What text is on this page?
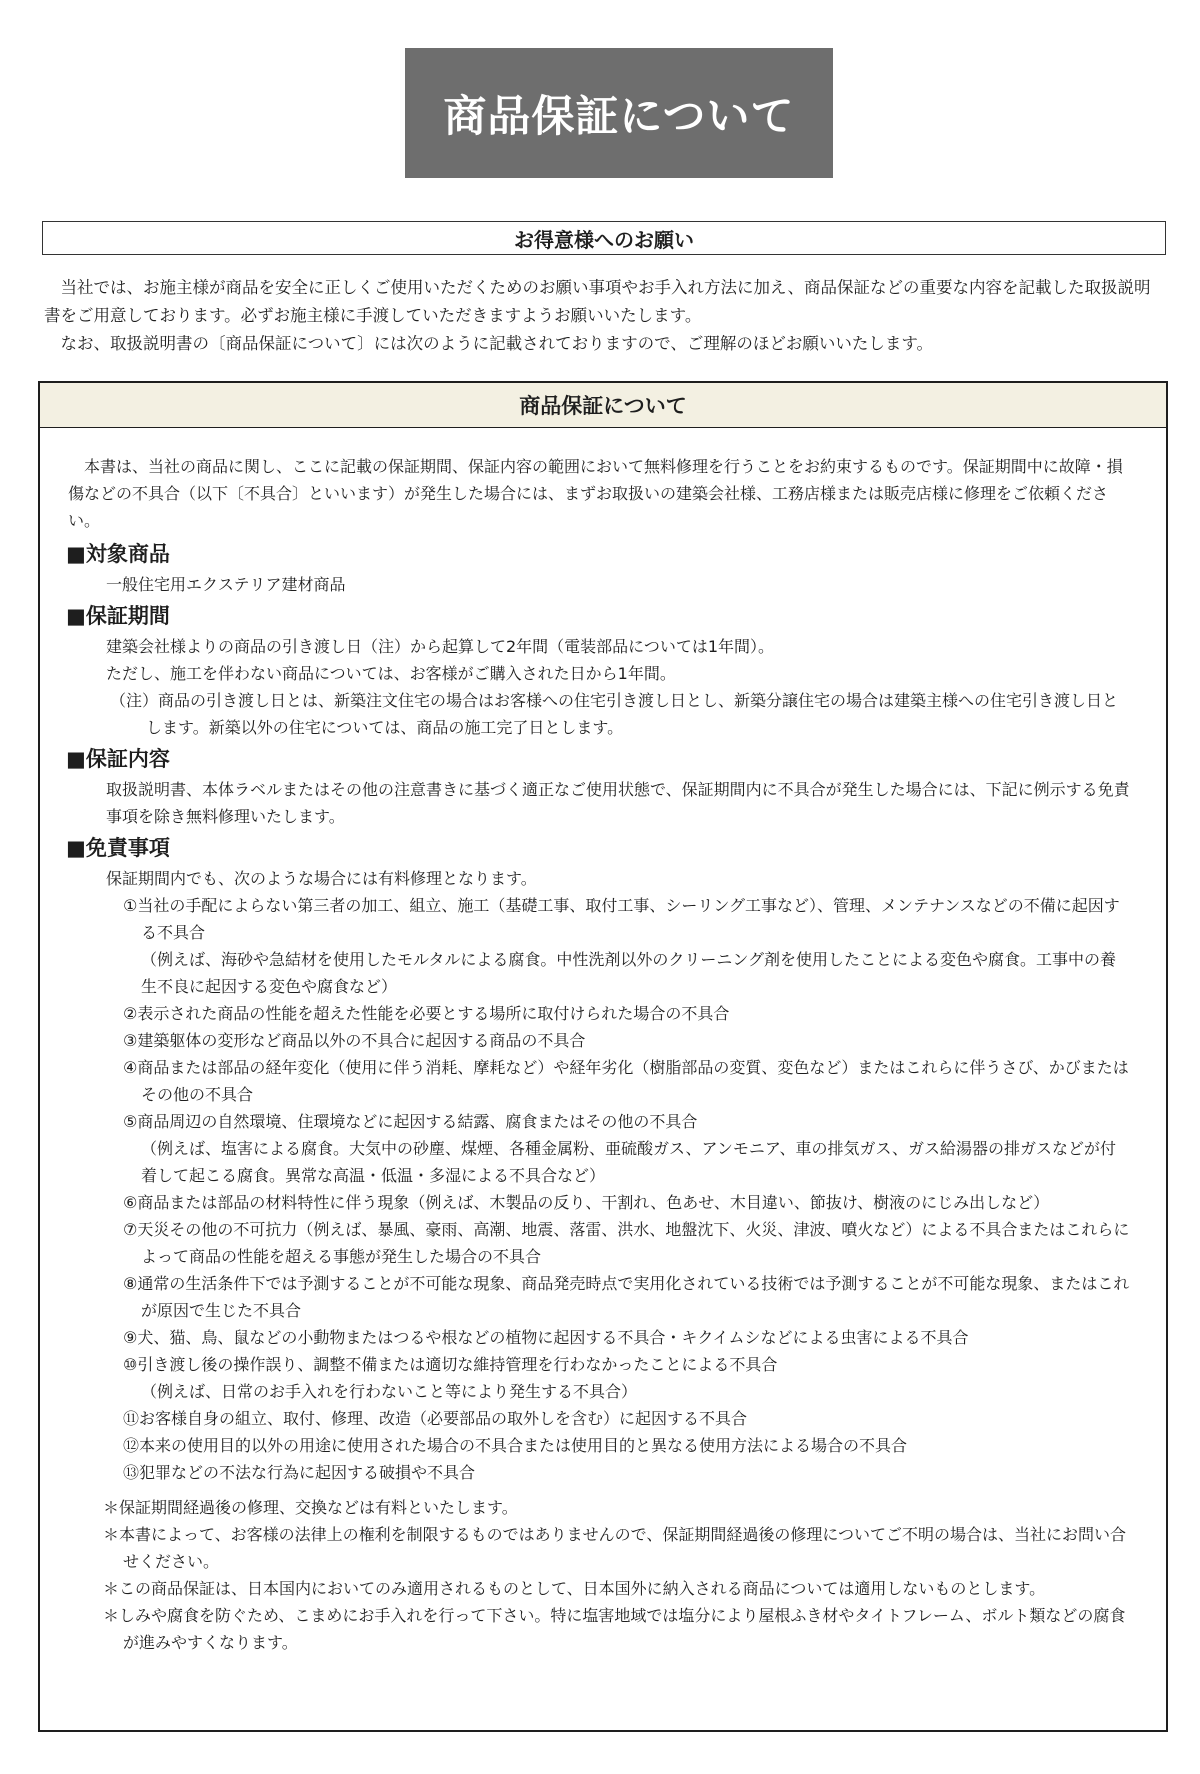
商品保証について
お得意様へのお願い

当社では、お施主様が商品を安全に正しくご使用いただくためのお願い事項やお手入れ方法に加え、商品保証などの重要な内容を記載した取扱説明書をご用意しております。必ずお施主様に手渡していただきますようお願いいたします。

なお、取扱説明書の〔商品保証について〕には次のように記載されておりますので、ご理解のほどお願いいたします。

商品保証について

本書は、当社の商品に関し、ここに記載の保証期間、保証内容の範囲において無料修理を行うことをお約束するものです。保証期間中に故障・損傷などの不具合（以下〔不具合〕といいます）が発生した場合には、まずお取扱いの建築会社様、工務店様または販売店様に修理をご依頼ください。

■対象商品
一般住宅用エクステリア建材商品
■保証期間

建築会社様よりの商品の引き渡し日（注）から起算して2年間（電装部品については1年間）。

ただし、施工を伴わない商品については、お客様がご購入された日から1年間。

（注）商品の引き渡し日とは、新築注文住宅の場合はお客様への住宅引き渡し日とし、新築分譲住宅の場合は建築主様への住宅引き渡し日とします。新築以外の住宅については、商品の施工完了日とします。

■保証内容
取扱説明書、本体ラベルまたはその他の注意書きに基づく適正なご使用状態で、保証期間内に不具合が発生した場合には、下記に例示する免責事項を除き無料修理いたします。
■免責事項
保証期間内でも、次のような場合には有料修理となります。

①当社の手配によらない第三者の加工、組立、施工（基礎工事、取付工事、シーリング工事など）、管理、メンテナンスなどの不備に起因する不具合

（例えば、海砂や急結材を使用したモルタルによる腐食。中性洗剤以外のクリーニング剤を使用したことによる変色や腐食。工事中の養生不良に起因する変色や腐食など）

②表示された商品の性能を超えた性能を必要とする場所に取付けられた場合の不具合

③建築躯体の変形など商品以外の不具合に起因する商品の不具合

④商品または部品の経年変化（使用に伴う消耗、摩耗など）や経年劣化（樹脂部品の変質、変色など）またはこれらに伴うさび、かびまたはその他の不具合

⑤商品周辺の自然環境、住環境などに起因する結露、腐食またはその他の不具合

（例えば、塩害による腐食。大気中の砂塵、煤煙、各種金属粉、亜硫酸ガス、アンモニア、車の排気ガス、ガス給湯器の排ガスなどが付着して起こる腐食。異常な高温・低温・多湿による不具合など）

⑥商品または部品の材料特性に伴う現象（例えば、木製品の反り、干割れ、色あせ、木目違い、節抜け、樹液のにじみ出しなど）

⑦天災その他の不可抗力（例えば、暴風、豪雨、高潮、地震、落雷、洪水、地盤沈下、火災、津波、噴火など）による不具合またはこれらによって商品の性能を超える事態が発生した場合の不具合

⑧通常の生活条件下では予測することが不可能な現象、商品発売時点で実用化されている技術では予測することが不可能な現象、またはこれが原因で生じた不具合

⑨犬、猫、鳥、鼠などの小動物またはつるや根などの植物に起因する不具合・キクイムシなどによる虫害による不具合

⑩引き渡し後の操作誤り、調整不備または適切な維持管理を行わなかったことによる不具合

（例えば、日常のお手入れを行わないこと等により発生する不具合）

⑪お客様自身の組立、取付、修理、改造（必要部品の取外しを含む）に起因する不具合

⑫本来の使用目的以外の用途に使用された場合の不具合または使用目的と異なる使用方法による場合の不具合

⑬犯罪などの不法な行為に起因する破損や不具合

＊保証期間経過後の修理、交換などは有料といたします。

＊本書によって、お客様の法律上の権利を制限するものではありませんので、保証期間経過後の修理についてご不明の場合は、当社にお問い合せください。

＊この商品保証は、日本国内においてのみ適用されるものとして、日本国外に納入される商品については適用しないものとします。

＊しみや腐食を防ぐため、こまめにお手入れを行って下さい。特に塩害地域では塩分により屋根ふき材やタイトフレーム、ボルト類などの腐食が進みやすくなります。
